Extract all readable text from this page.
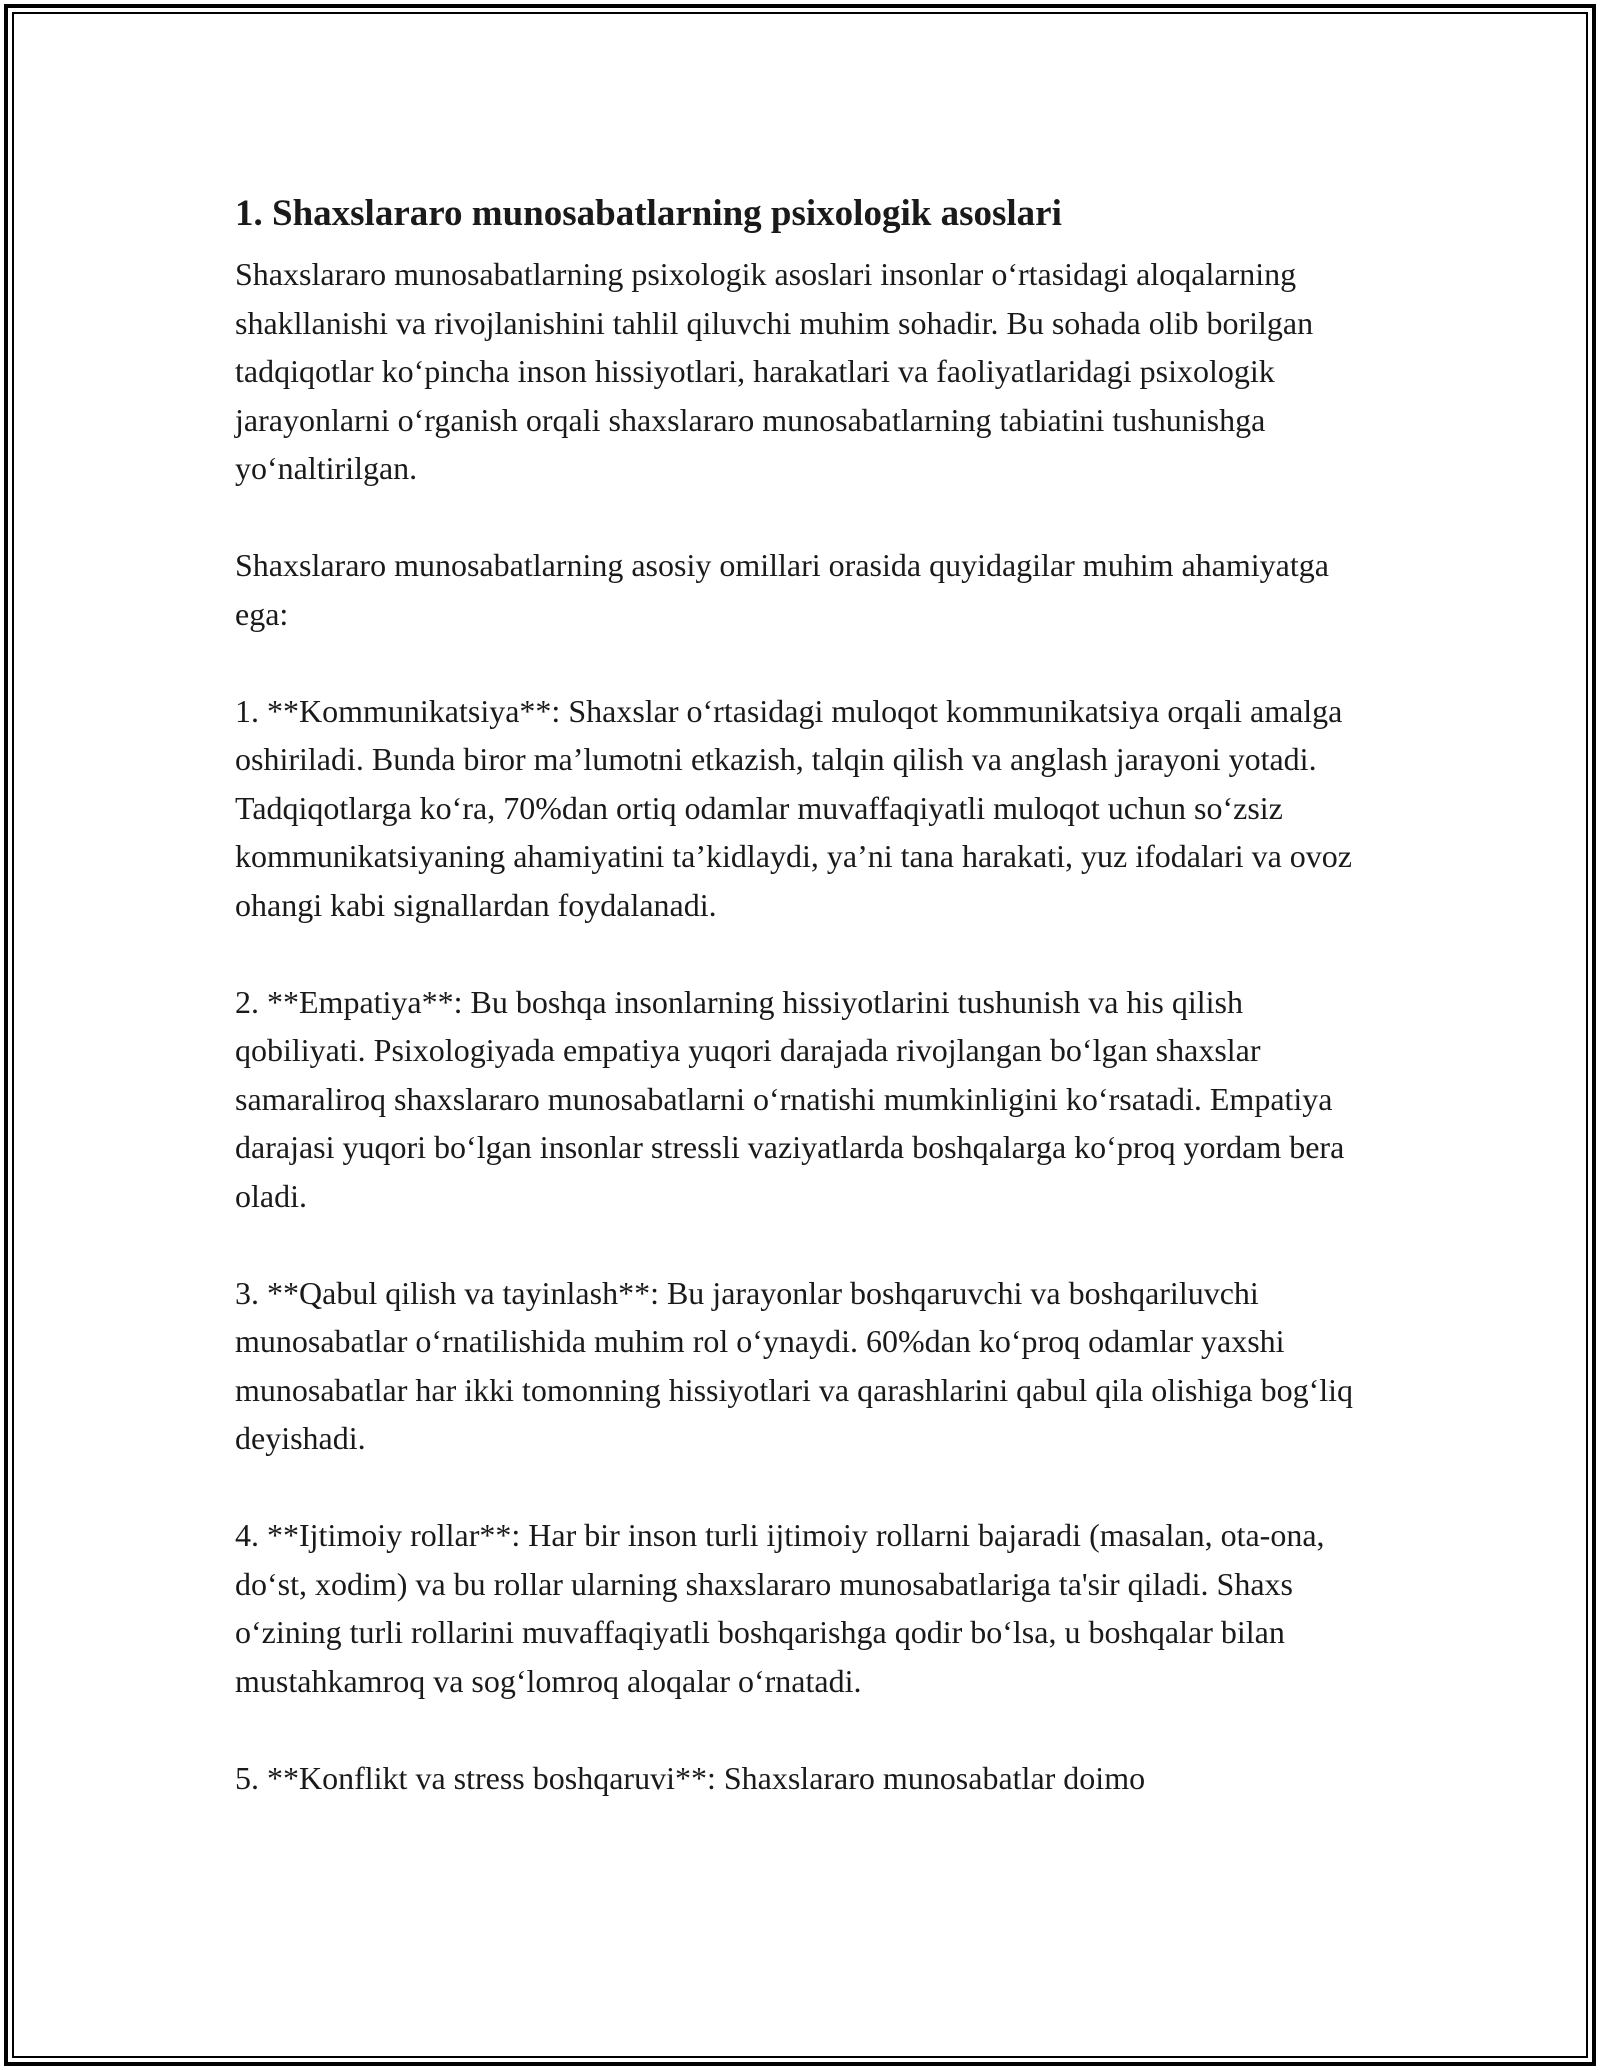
1. Shaxslararo munosabatlarning psixologik asoslari

Shaxslararo munosabatlarning psixologik asoslari insonlar o‘rtasidagi aloqalarning shakllanishi va rivojlanishini tahlil qiluvchi muhim sohadir. Bu sohada olib borilgan tadqiqotlar ko‘pincha inson hissiyotlari, harakatlari va faoliyatlaridagi psixologik jarayonlarni o‘rganish orqali shaxslararo munosabatlarning tabiatini tushunishga yo‘naltirilgan.

Shaxslararo munosabatlarning asosiy omillari orasida quyidagilar muhim ahamiyatga ega:

1. **Kommunikatsiya**: Shaxslar o‘rtasidagi muloqot kommunikatsiya orqali amalga oshiriladi. Bunda biror ma’lumotni etkazish, talqin qilish va anglash jarayoni yotadi. Tadqiqotlarga ko‘ra, 70%dan ortiq odamlar muvaffaqiyatli muloqot uchun so‘zsiz kommunikatsiyaning ahamiyatini ta’kidlaydi, ya’ni tana harakati, yuz ifodalari va ovoz ohangi kabi signallardan foydalanadi.

2. **Empatiya**: Bu boshqa insonlarning hissiyotlarini tushunish va his qilish qobiliyati. Psixologiyada empatiya yuqori darajada rivojlangan bo‘lgan shaxslar samaraliroq shaxslararo munosabatlarni o‘rnatishi mumkinligini ko‘rsatadi. Empatiya darajasi yuqori bo‘lgan insonlar stressli vaziyatlarda boshqalarga ko‘proq yordam bera oladi.

3. **Qabul qilish va tayinlash**: Bu jarayonlar boshqaruvchi va boshqariluvchi munosabatlar o‘rnatilishida muhim rol o‘ynaydi. 60%dan ko‘proq odamlar yaxshi munosabatlar har ikki tomonning hissiyotlari va qarashlarini qabul qila olishiga bog‘liq deyishadi.

4. **Ijtimoiy rollar**: Har bir inson turli ijtimoiy rollarni bajaradi (masalan, ota-ona, do‘st, xodim) va bu rollar ularning shaxslararo munosabatlariga ta'sir qiladi. Shaxs o‘zining turli rollarini muvaffaqiyatli boshqarishga qodir bo‘lsa, u boshqalar bilan mustahkamroq va sog‘lomroq aloqalar o‘rnatadi.

5. **Konflikt va stress boshqaruvi**: Shaxslararo munosabatlar doimo
